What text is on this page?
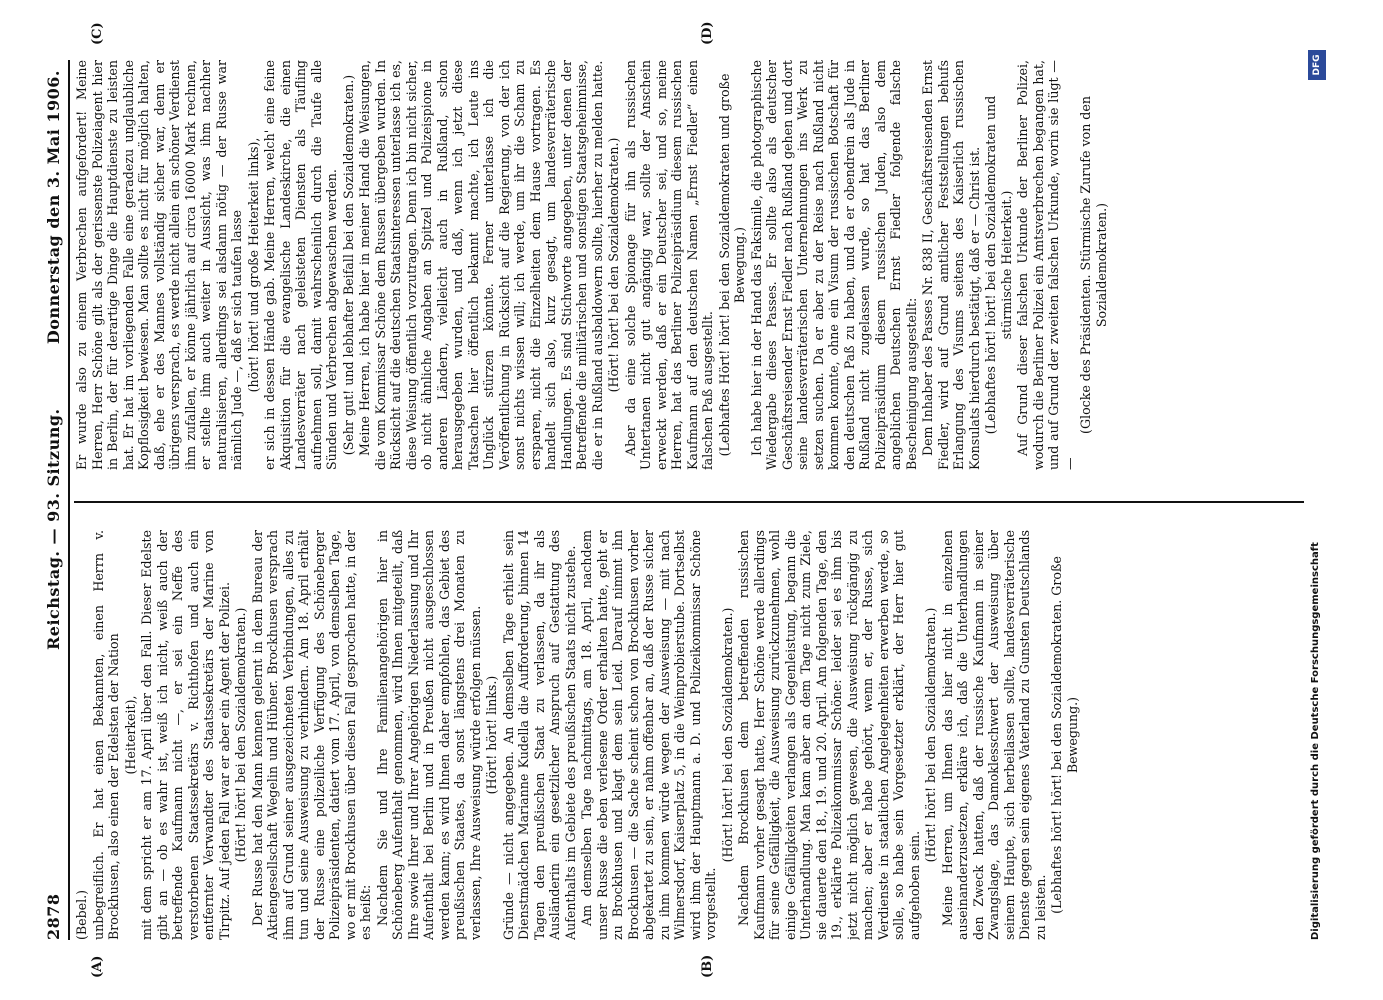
2878
Reichstag. — 93. Sitzung.
Donnerstag den 3. Mai 1906.
(A)	(B)
(C)	(D)

(Bebel.) unbegreiflich. Er hat einen Bekannten, einen Herrn v. Brockhusen, also einen der Edelsten der Nation (Heiterkeit), mit dem spricht er am 17. April über den Fall. Dieser Edelste gibt an — ob es wahr ist, weiß ich nicht, weiß auch der betreffende Kaufmann nicht —, er sei ein Neffe des verstorbenen Staatssekretärs v. Richthofen und auch ein entfernter Verwandter des Staatssekretärs der Marine von Tirpitz. Auf jeden Fall war er aber ein Agent der Polizei. (Hört! hört! bei den Sozialdemokraten.) Der Russe hat den Mann kennen gelernt in dem Bureau der Aktiengesellschaft Wegelin und Hübner. Brockhusen versprach ihm auf Grund seiner ausgezeichneten Verbindungen, alles zu tun und seine Ausweisung zu verhindern. Am 18. April erhält der Russe eine polizeiliche Verfügung des Schöneberger Polizeipräsidenten, datiert vom 17. April, von demselben Tage, wo er mit Brockhusen über diesen Fall gesprochen hatte, in der es heißt: Nachdem Sie und Ihre Familienangehörigen hier in Schöneberg Aufenthalt genommen, wird Ihnen mitgeteilt, daß Ihre sowie Ihrer und Ihrer Angehörigen Niederlassung und Ihr Aufenthalt bei Berlin und in Preußen nicht ausgeschlossen werden kann; es wird Ihnen daher empfohlen, das Gebiet des preußischen Staates, da sonst längstens drei Monaten zu verlassen, Ihre Ausweisung würde erfolgen müssen. (Hört! hört! links.) Gründe — nicht angegeben. An demselben Tage erhielt sein Dienstmädchen Marianne Kudella die Aufforderung, binnen 14 Tagen den preußischen Staat zu verlassen, da ihr als Ausländerin ein gesetzlicher Anspruch auf Gestattung des Aufenthalts im Gebiete des preußischen Staats nicht zustehe. Am demselben Tage nachmittags, am 18. April, nachdem unser Russe die eben verlesene Order erhalten hatte, geht er zu Brockhusen und klagt dem sein Leid. Darauf nimmt ihn Brockhusen — die Sache scheint schon von Brockhusen vorher abgekartet zu sein, er nahm offenbar an, daß der Russe sicher zu ihm kommen würde wegen der Ausweisung — mit nach Wilmersdorf, Kaiserplatz 5, in die Weinprobierstube. Dortselbst wird ihm der Hauptmann a. D. und Polizeikommissar Schöne vorgestellt.

(Hört! hört! bei den Sozialdemokraten.) Nachdem Brockhusen dem betreffenden russischen Kaufmann vorher gesagt hatte, Herr Schöne werde allerdings für seine Gefälligkeit, die Ausweisung zurückzunehmen, wohl einige Gefälligkeiten verlangen als Gegenleistung, begann die Unterhandlung. Man kam aber an dem Tage nicht zum Ziele, sie dauerte den 18., 19. und 20. April. Am folgenden Tage, den 19., erklärte Polizeikommissar Schöne: leider sei es ihm bis jetzt nicht möglich gewesen, die Ausweisung rückgängig zu machen; aber er habe gehört, wenn er, der Russe, sich Verdienste in staatlichen Angelegenheiten erwerben werde, so solle, so habe sein Vorgesetzter erklärt, der Herr hier gut aufgehoben sein.

(Hört! hört! bei den Sozialdemokraten.) Meine Herren, um Ihnen das hier nicht in einzelnen auseinanderzusetzen, erkläre ich, daß die Unterhandlungen den Zweck hatten, daß der russische Kaufmann in seiner Zwangslage, das Damoklesschwert der Ausweisung über seinem Haupte, sich herbeilassen sollte, landesverräterische Dienste gegen sein eigenes Vaterland zu Gunsten Deutschlands zu leisten. (Lebhaftes hört! hört! bei den Sozialdemokraten. Große Bewegung.)

Er wurde also zu einem Verbrechen aufgefordert! Meine Herren, Herr Schöne gilt als der gerissenste Polizeiagent hier in Berlin, der für derartige Dinge die Hauptdienste zu leisten hat. Er hat im vorliegenden Falle eine geradezu unglaubliche Kopflosigkeit bewiesen. Man sollte es nicht für möglich halten, daß, ehe er des Mannes vollständig sicher war, denn er übrigens versprach, es werde nicht allein ein schöner Verdienst ihm zufallen, er könne jährlich auf circa 16000 Mark rechnen, er stellte ihm auch weiter in Aussicht, was ihm nachher naturalisieren, allerdings sei alsdann nötig — der Russe war nämlich Jude —, daß er sich taufen lasse (hört! hört! und große Heiterkeit links), er sich in dessen Hände gab. Meine Herren, welch' eine feine Akquisition für die evangelische Landeskirche, die einen Landesverräter nach geleisteten Diensten als Täufling aufnehmen soll, damit wahrscheinlich durch die Taufe alle Sünden und Verbrechen abgewaschen werden. (Sehr gut! und lebhafter Beifall bei den Sozialdemokraten.) Meine Herren, ich habe hier in meiner Hand die Weisungen, die vom Kommissar Schöne dem Russen übergeben wurden. In Rücksicht auf die deutschen Staatsinteressen unterlasse ich es, diese Weisung öffentlich vorzutragen. Denn ich bin nicht sicher, ob nicht ähnliche Angaben an Spitzel und Polizeispione in anderen Ländern, vielleicht auch in Rußland, schon herausgegeben wurden, und daß, wenn ich jetzt diese Tatsachen hier öffentlich bekannt machte, ich Leute ins Unglück stürzen könnte. Ferner unterlasse ich die Veröffentlichung in Rücksicht auf die Regierung, von der ich sonst nichts wissen will; ich werde, um ihr die Scham zu ersparen, nicht die Einzelheiten dem Hause vortragen. Es handelt sich also, kurz gesagt, um landesverräterische Handlungen. Es sind Stichworte angegeben, unter denen der Betreffende die militärischen und sonstigen Staatsgeheimnisse, die er in Rußland ausbaldowern sollte, hierher zu melden hatte. (Hört! hört! bei den Sozialdemokraten.) Aber da eine solche Spionage für ihn als russischen Untertanen nicht gut angängig war, sollte der Anschein erweckt werden, daß er ein Deutscher sei, und so, meine Herren, hat das Berliner Polizeipräsidium diesem russischen Kaufmann auf den deutschen Namen „Ernst Fiedler“ einen falschen Paß ausgestellt. (Lebhaftes Hört! hört! bei den Sozialdemokraten und große Bewegung.) Ich habe hier in der Hand das Faksimile, die photographische Wiedergabe dieses Passes. Er sollte also als deutscher Geschäftsreisender Ernst Fiedler nach Rußland gehen und dort seine landesverräterischen Unternehmungen ins Werk zu setzen suchen. Da er aber zu der Reise nach Rußland nicht kommen konnte, ohne ein Visum der russischen Botschaft für den deutschen Paß zu haben, und da er obendrein als Jude in Rußland nicht zugelassen wurde, so hat das Berliner Polizeipräsidium diesem russischen Juden, also dem angeblichen Deutschen Ernst Fiedler folgende falsche Bescheinigung ausgestellt: Dem Inhaber des Passes Nr. 838 II, Geschäftsreisenden Ernst Fiedler, wird auf Grund amtlicher Feststellungen behufs Erlangung des Visums seitens des Kaiserlich russischen Konsulats hierdurch bestätigt, daß er — Christ ist. (Lebhaftes hört! hört! bei den Sozialdemokraten und stürmische Heiterkeit.) Auf Grund dieser falschen Urkunde der Berliner Polizei, wodurch die Berliner Polizei ein Amtsverbrechen begangen hat, und auf Grund der zweiten falschen Urkunde, worin sie lügt — —

(Glocke des Präsidenten. Stürmische Zurufe von den Sozialdemokraten.)

Digitalisierung gefördert durch die Deutsche Forschungsgemeinschaft
DFG
